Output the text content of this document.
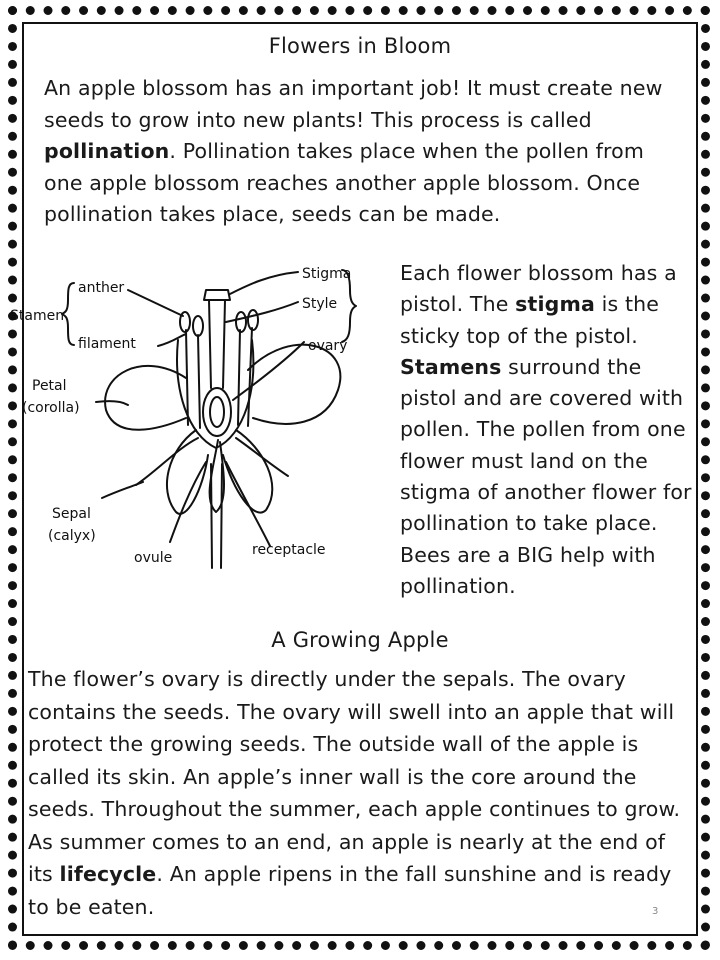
Flowers in Bloom

An apple blossom has an important job! It must create new seeds to grow into new plants! This process is called pollination. Pollination takes place when the pollen from one apple blossom reaches another apple blossom. Once pollination takes place, seeds can be made.

Stamen
anther
filament
Stigma
Style
ovary
Petal
(corolla)
Sepal
(calyx)
ovule	receptacle

Each flower blossom has a pistol. The stigma is the sticky top of the pistol. Stamens surround the pistol and are covered with pollen. The pollen from one flower must land on the stigma of another flower for pollination to take place. Bees are a BIG help with pollination.

A Growing Apple

The flower’s ovary is directly under the sepals. The ovary contains the seeds. The ovary will swell into an apple that will protect the growing seeds. The outside wall of the apple is called its skin. An apple’s inner wall is the core around the seeds. Throughout the summer, each apple continues to grow. As summer comes to an end, an apple is nearly at the end of its lifecycle. An apple ripens in the fall sunshine and is ready to be eaten.	3
